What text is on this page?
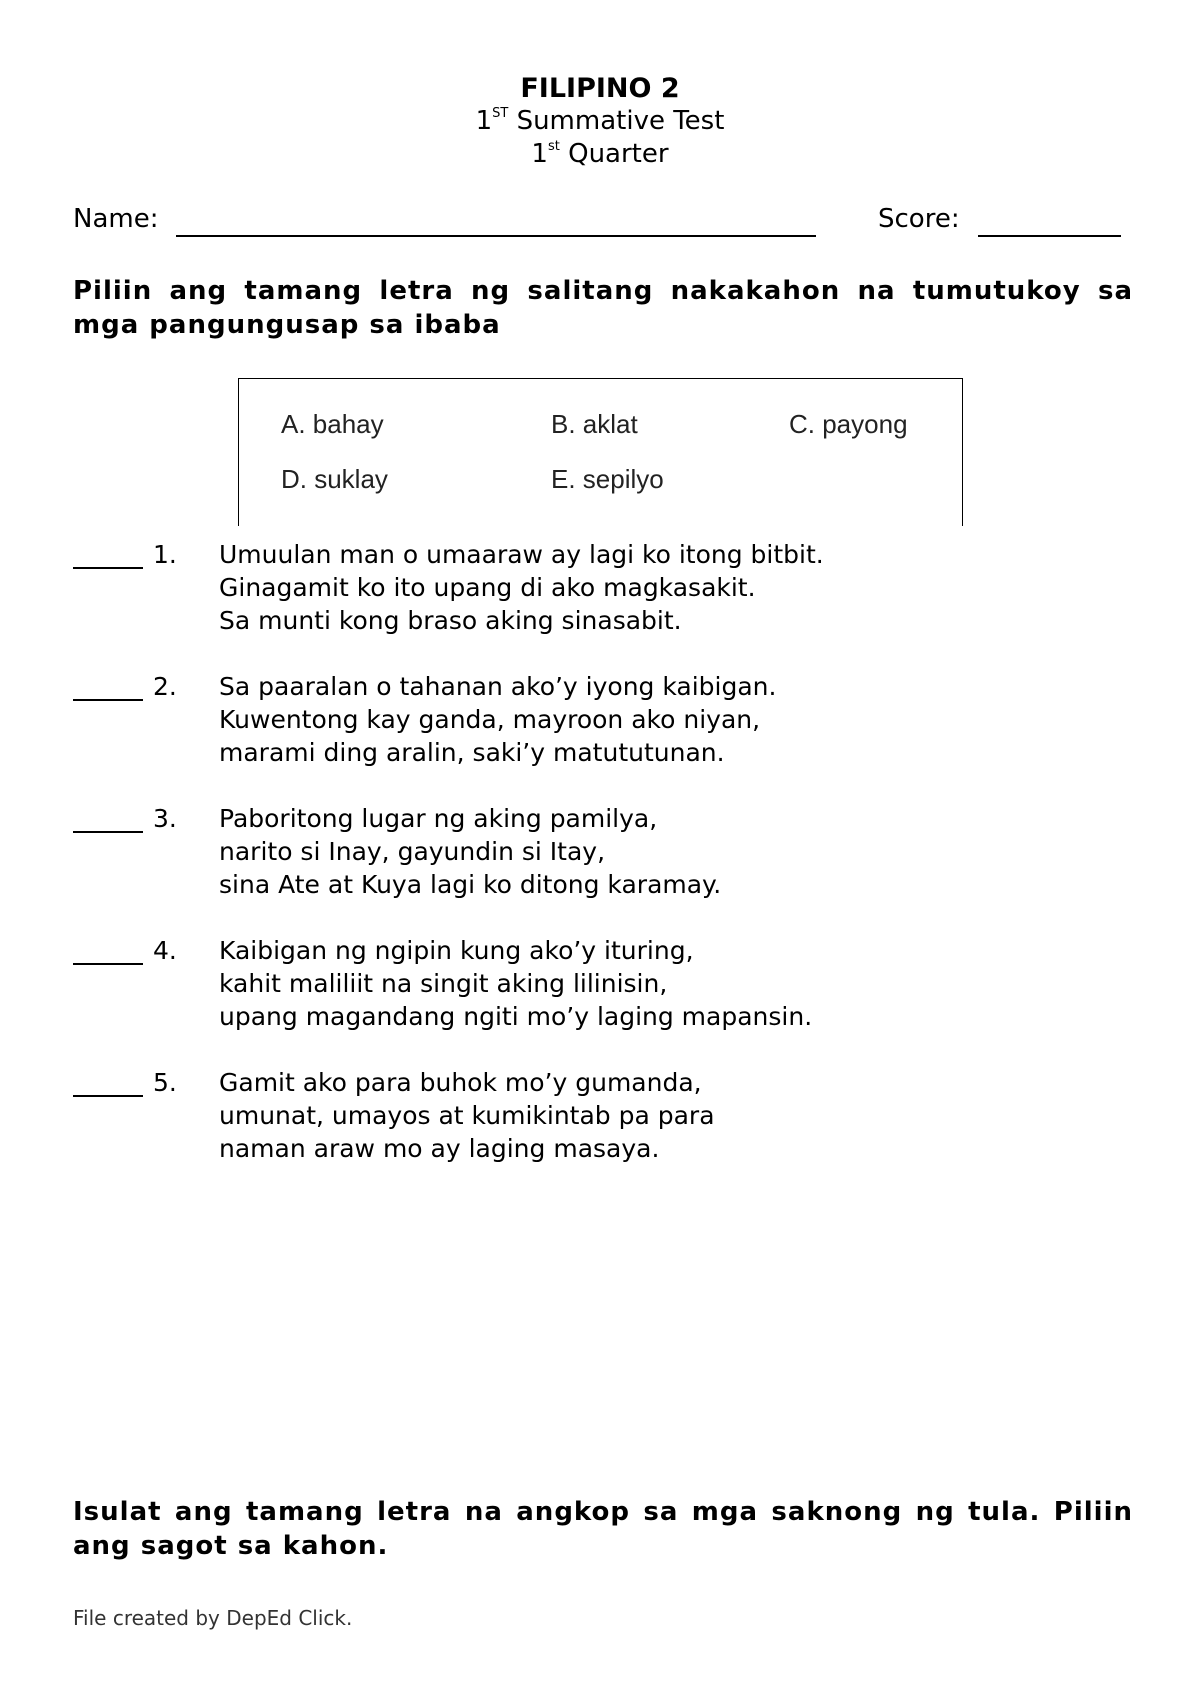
FILIPINO 2
1ST Summative Test
1st Quarter
Name:	Score:
Piliin ang tamang letra ng salitang nakakahon na tumutukoy sa mga pangungusap sa ibaba
A. bahay	B. aklat	C. payong
D. suklay	E. sepilyo
1. Umuulan man o umaaraw ay lagi ko itong bitbit.
Ginagamit ko ito upang di ako magkasakit.
Sa munti kong braso aking sinasabit.
2. Sa paaralan o tahanan ako’y iyong kaibigan.
Kuwentong kay ganda, mayroon ako niyan,
marami ding aralin, saki’y matututunan.
3. Paboritong lugar ng aking pamilya,
narito si Inay, gayundin si Itay,
sina Ate at Kuya lagi ko ditong karamay.
4. Kaibigan ng ngipin kung ako’y ituring,
kahit maliliit na singit aking lilinisin,
upang magandang ngiti mo’y laging mapansin.
5. Gamit ako para buhok mo’y gumanda,
umunat, umayos at kumikintab pa para
naman araw mo ay laging masaya.
Isulat ang tamang letra na angkop sa mga saknong ng tula. Piliin ang sagot sa kahon.
File created by DepEd Click.
